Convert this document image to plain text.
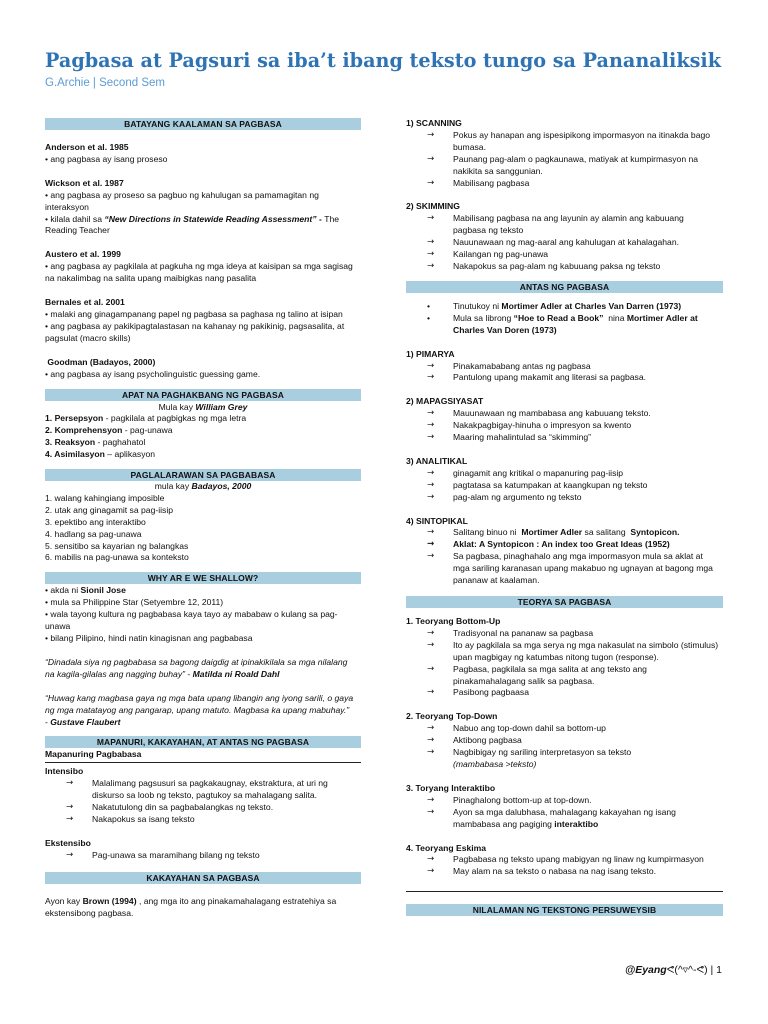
Pagbasa at Pagsuri sa iba’t ibang teksto tungo sa Pananaliksik
G.Archie | Second Sem
BATAYANG KAALAMAN SA PAGBASA
Anderson et al. 1985
• ang pagbasa ay isang proseso
Wickson et al. 1987
• ang pagbasa ay proseso sa pagbuo ng kahulugan sa pamamagitan ng
interaksyon
• kilala dahil sa “New Directions in Statewide Reading Assessment” - The
Reading Teacher
Austero et al. 1999
• ang pagbasa ay pagkilala at pagkuha ng mga ideya at kaisipan sa mga sagisag
na nakalimbag na salita upang maibigkas nang pasalita
Bernales et al. 2001
• malaki ang ginagampanang papel ng pagbasa sa paghasa ng talino at isipan
• ang pagbasa ay pakikipagtalastasan na kahanay ng pakikinig, pagsasalita, at
pagsulat (macro skills)
Goodman (Badayos, 2000)
• ang pagbasa ay isang psycholinguistic guessing game.
APAT NA PAGHAKBANG NG PAGBASA
Mula kay William Grey
1. Persepsyon - pagkilala at pagbigkas ng mga letra
2. Komprehensyon - pag-unawa
3. Reaksyon - paghahatol
4. Asimilasyon – aplikasyon
PAGLALARAWAN SA PAGBABASA
mula kay Badayos, 2000
1. walang kahingiang imposible
2. utak ang ginagamit sa pag-iisip
3. epektibo ang interaktibo
4. hadlang sa pag-unawa
5. sensitibo sa kayarian ng balangkas
6. mabilis na pag-unawa sa konteksto
WHY AR E WE SHALLOW?
• akda ni Sionil Jose
• mula sa Philippine Star (Setyembre 12, 2011)
• wala tayong kultura ng pagbabasa kaya tayo ay mababaw o kulang sa pag-
unawa
• bilang Pilipino, hindi natin kinagisnan ang pagbabasa
“Dinadala siya ng pagbabasa sa bagong daigdig at ipinakikilala sa mga nilalang
na kagila-gilalas ang nagging buhay” - Matilda ni Roald Dahl
“Huwag kang magbasa gaya ng mga bata upang libangin ang iyong sarili, o gaya
ng mga matatayog ang pangarap, upang matuto. Magbasa ka upang mabuhay.”
- Gustave Flaubert
MAPANURI, KAKAYAHAN, AT ANTAS NG PAGBASA
Mapanuring Pagbabasa
Intensibo
→ Malalimang pagsusuri sa pagkakaugnay, ekstraktura, at uri ng
diskurso sa loob ng teksto, pagtukoy sa mahalagang salita.
→ Nakatutulong din sa pagbabalangkas ng teksto.
→ Nakapokus sa isang teksto
Ekstensibo
→ Pag-unawa sa maramihang bilang ng teksto
KAKAYAHAN SA PAGBASA
Ayon kay Brown (1994) , ang mga ito ang pinakamahalagang estratehiya sa
ekstensibong pagbasa.
1) SCANNING
→ Pokus ay hanapan ang ispesipikong impormasyon na itinakda bago
bumasa.
→ Paunang pag-alam o pagkaunawa, matiyak at kumpirmasyon na
nakikita sa sanggunian.
→ Mabilisang pagbasa
2) SKIMMING
→ Mabilisang pagbasa na ang layunin ay alamin ang kabuuang
pagbasa ng teksto
→ Nauunawaan ng mag-aaral ang kahulugan at kahalagahan.
→ Kailangan ng pag-unawa
→ Nakapokus sa pag-alam ng kabuuang paksa ng teksto
ANTAS NG PAGBASA
• Tinutukoy ni Mortimer Adler at Charles Van Darren (1973)
• Mula sa librong “Hoe to Read a Book”  nina Mortimer Adler at
Charles Van Doren (1973)
1) PIMARYA
→ Pinakamababang antas ng pagbasa
→ Pantulong upang makamit ang literasi sa pagbasa.
2) MAPAGSIYASAT
→ Mauunawaan ng mambabasa ang kabuuang teksto.
→ Nakakpagbigay-hinuha o impresyon sa kwento
→ Maaring mahalintulad sa “skimming”
3) ANALITIKAL
→ ginagamit ang kritikal o mapanuring pag-iisip
→ pagtatasa sa katumpakan at kaangkupan ng teksto
→ pag-alam ng argumento ng teksto
4) SINTOPIKAL
→ Salitang binuo ni  Mortimer Adler sa salitang  Syntopicon.
→ Aklat: A Syntopicon : An index too Great Ideas (1952)
→ Sa pagbasa, pinaghahalo ang mga impormasyon mula sa aklat at
mga sariling karanasan upang makabuo ng ugnayan at bagong mga
pananaw at kaalaman.
TEORYA SA PAGBASA
1. Teoryang Bottom-Up
→ Tradisyonal na pananaw sa pagbasa
→ Ito ay pagkilala sa mga serya ng mga nakasulat na simbolo (stimulus)
upan magbigay ng katumbas nitong tugon (response).
→ Pagbasa, pagkilala sa mga salita at ang teksto ang
pinakamahalagang salik sa pagbasa.
→ Pasibong pagbaasa
2. Teoryang Top-Down
→ Nabuo ang top-down dahil sa bottom-up
→ Aktibong pagbasa
→ Nagbibigay ng sariling interpretasyon sa teksto
(mambabasa >teksto)
3. Toryang Interaktibo
→ Pinaghalong bottom-up at top-down.
→ Ayon sa mga dalubhasa, mahalagang kakayahan ng isang
mambabasa ang pagiging interaktibo
4. Teoryang Eskima
→ Pagbabasa ng teksto upang mabigyan ng linaw ng kumpirmasyon
→ May alam na sa teksto o nabasa na nag isang teksto.
NILALAMAN NG TEKSTONG PERSUWEYSIB
@Eyangᕙ(^▿^-ᕙ) | 1
